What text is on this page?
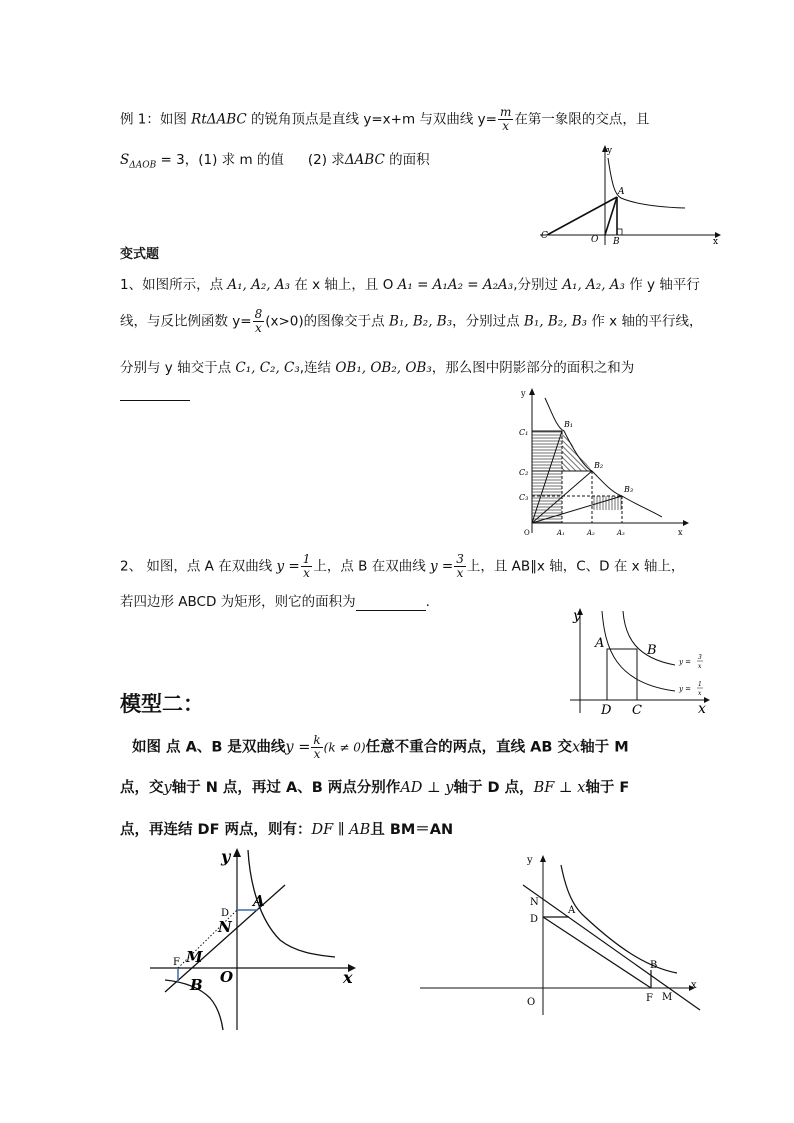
例 1：如图 RtΔABC 的锐角顶点是直线 y=x+m 与双曲线 $y= \frac{m}{x}$ 在第一象限的交点，且
$S_{\Delta AOB} = 3$，(1) 求 m 的值 (2) 求ΔABC 的面积
y
A
C	O B	x
变式题
1、如图所示，点 A₁, A₂, A₃ 在 x 轴上，且 O A₁ = A₁A₂ = A₂A₃,分别过 A₁, A₂, A₃ 作 y 轴平行
线，与反比例函数 $y= \frac{8}{x} (x>0)$的图像交于点 B₁, B₂, B₃，分别过点 B₁, B₂, B₃ 作 x 轴的平行线，
分别与 y 轴交于点 C₁, C₂, C₃,连结 OB₁, OB₂, OB₃，那么图中阴影部分的面积之和为
y
x
C₁
C₂
C₃
B₁
B₂
B₃
A₁	A₂	A₃
O
2、 如图，点 A 在双曲线 $y = \frac{1}{x}$ 上，点 B 在双曲线 $y = \frac{3}{x}$ 上，且 AB∥x 轴，C、D 在 x 轴上，
若四边形 ABCD 为矩形，则它的面积为	.
y
x
A	B
D C
y =
3
x
y =
1
x
模型二：
如图 点 A、B 是双曲线$y = \frac{k}{x} (k \ne 0)$任意不重合的两点，直线 AB 交x轴于 M
点，交y轴于 N 点，再过 A、B 两点分别作AD ⊥ y轴于 D 点，BF ⊥ x轴于 F
点，再连结 DF 两点，则有：DF ∥ AB且 BM＝AN
y
x
D
A
N
F M
B O
y
x
N
A
D
B
O	F M
